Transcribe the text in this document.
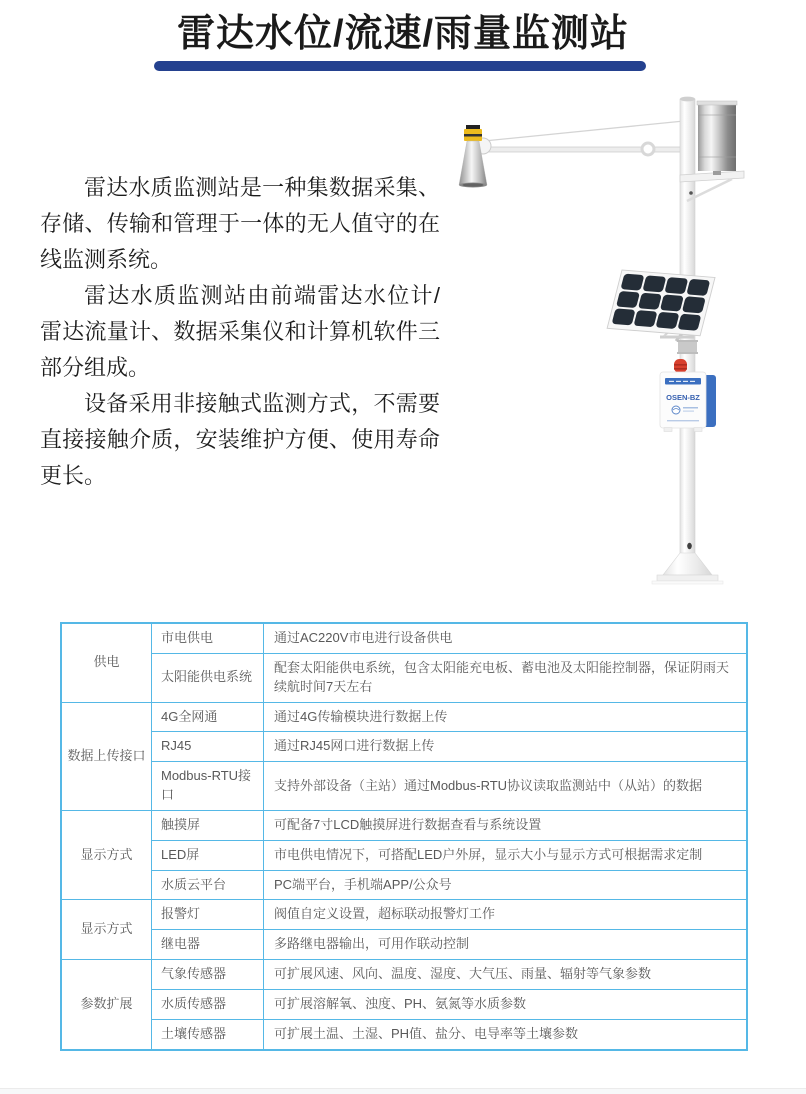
雷达水位/流速/雨量监测站

雷达水质监测站是一种集数据采集、存储、传输和管理于一体的无人值守的在线监测系统。

雷达水质监测站由前端雷达水位计/雷达流量计、数据采集仪和计算机软件三部分组成。

设备采用非接触式监测方式，不需要直接接触介质，安装维护方便、使用寿命更长。

OSEN-BZ
供电	市电供电	通过AC220V市电进行设备供电
	太阳能供电系统	配套太阳能供电系统，包含太阳能充电板、蓄电池及太阳能控制器，保证阴雨天续航时间7天左右
数据上传接口	4G全网通	通过4G传输模块进行数据上传
	RJ45	通过RJ45网口进行数据上传
	Modbus-RTU接口	支持外部设备（主站）通过Modbus-RTU协议读取监测站中（从站）的数据
显示方式	触摸屏	可配备7寸LCD触摸屏进行数据查看与系统设置
	LED屏	市电供电情况下，可搭配LED户外屏，显示大小与显示方式可根据需求定制
	水质云平台	PC端平台，手机端APP/公众号
显示方式	报警灯	阀值自定义设置，超标联动报警灯工作
	继电器	多路继电器输出，可用作联动控制
参数扩展	气象传感器	可扩展风速、风向、温度、湿度、大气压、雨量、辐射等气象参数
	水质传感器	可扩展溶解氧、浊度、PH、氨氮等水质参数
	土壤传感器	可扩展土温、土湿、PH值、盐分、电导率等土壤参数
